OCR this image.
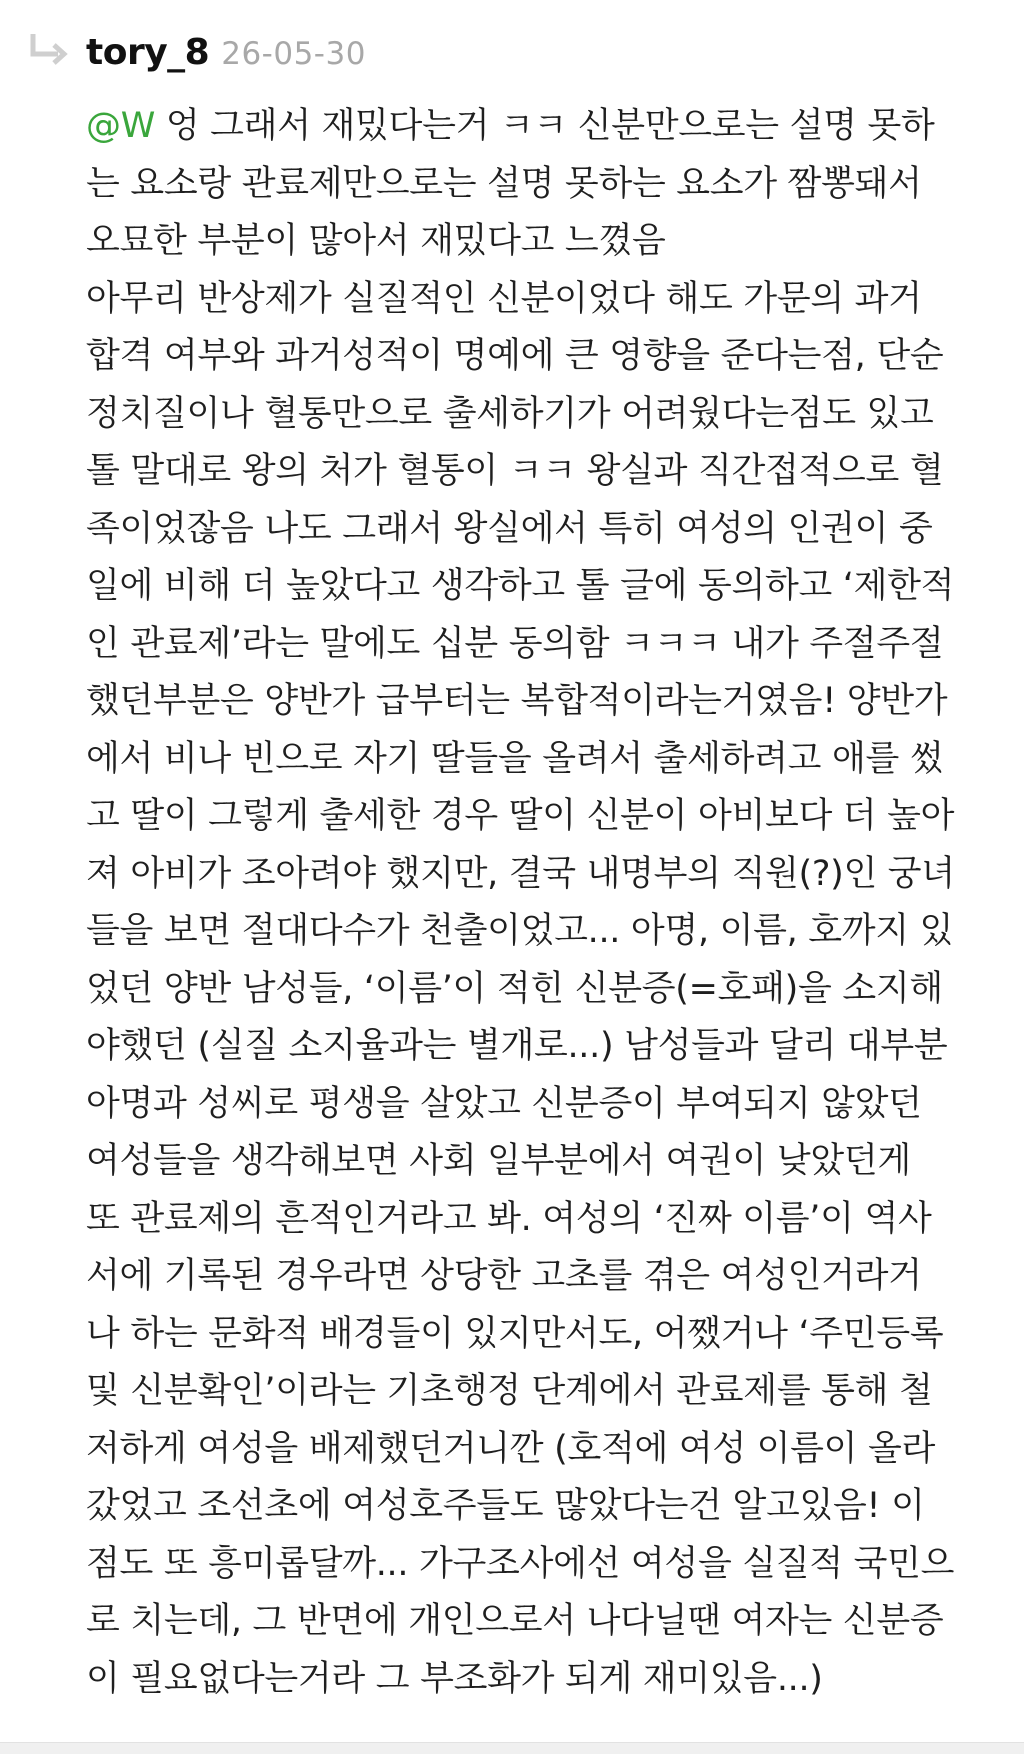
tory_8 26-05-30
@W 엉 그래서 재밌다는거 ㅋㅋ 신분만으로는 설명 못하
는 요소랑 관료제만으로는 설명 못하는 요소가 짬뽕돼서
오묘한 부분이 많아서 재밌다고 느꼈음
아무리 반상제가 실질적인 신분이었다 해도 가문의 과거
합격 여부와 과거성적이 명예에 큰 영향을 준다는점, 단순
정치질이나 혈통만으로 출세하기가 어려웠다는점도 있고
톨 말대로 왕의 처가 혈통이 ㅋㅋ 왕실과 직간접적으로 혈
족이었잖음 나도 그래서 왕실에서 특히 여성의 인권이 중
일에 비해 더 높았다고 생각하고 톨 글에 동의하고 ‘제한적
인 관료제’라는 말에도 십분 동의함 ㅋㅋㅋ 내가 주절주절
했던부분은 양반가 급부터는 복합적이라는거였음! 양반가
에서 비나 빈으로 자기 딸들을 올려서 출세하려고 애를 썼
고 딸이 그렇게 출세한 경우 딸이 신분이 아비보다 더 높아
져 아비가 조아려야 했지만, 결국 내명부의 직원(?)인 궁녀
들을 보면 절대다수가 천출이었고... 아명, 이름, 호까지 있
었던 양반 남성들, ‘이름’이 적힌 신분증(=호패)을 소지해
야했던 (실질 소지율과는 별개로...) 남성들과 달리 대부분
아명과 성씨로 평생을 살았고 신분증이 부여되지 않았던
여성들을 생각해보면 사회 일부분에서 여권이 낮았던게
또 관료제의 흔적인거라고 봐. 여성의 ‘진짜 이름’이 역사
서에 기록된 경우라면 상당한 고초를 겪은 여성인거라거
나 하는 문화적 배경들이 있지만서도, 어쨌거나 ‘주민등록
및 신분확인’이라는 기초행정 단계에서 관료제를 통해 철
저하게 여성을 배제했던거니깐 (호적에 여성 이름이 올라
갔었고 조선초에 여성호주들도 많았다는건 알고있음! 이
점도 또 흥미롭달까... 가구조사에선 여성을 실질적 국민으
로 치는데, 그 반면에 개인으로서 나다닐땐 여자는 신분증
이 필요없다는거라 그 부조화가 되게 재미있음...)
